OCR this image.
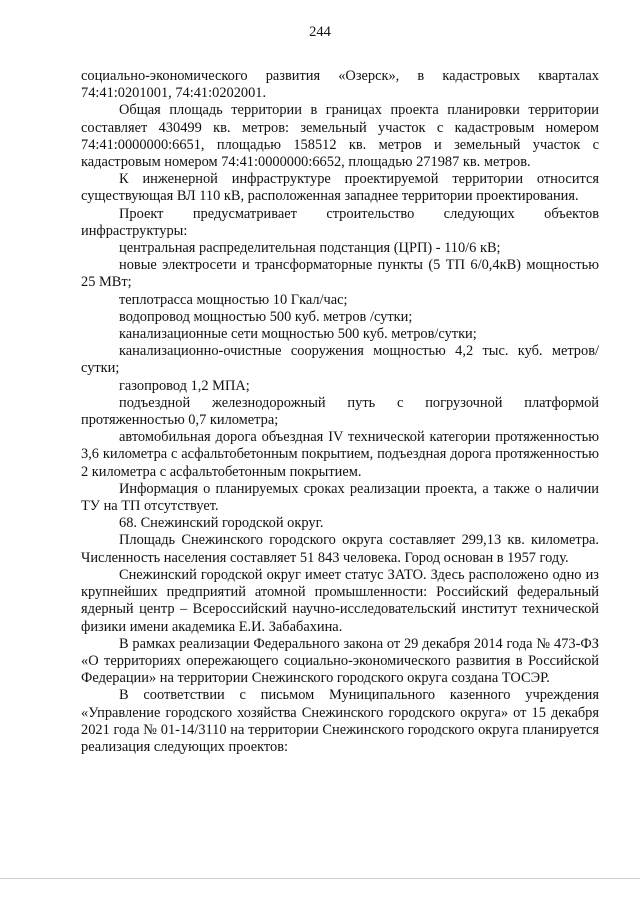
244

социально-экономического развития «Озерск», в кадастровых кварталах 74:41:0201001, 74:41:0202001.

Общая площадь территории в границах проекта планировки территории составляет 430499 кв. метров: земельный участок с кадастровым номером 74:41:0000000:6651, площадью 158512 кв. метров и земельный участок с кадастровым номером 74:41:0000000:6652, площадью 271987 кв. метров.

К инженерной инфраструктуре проектируемой территории относится существующая ВЛ 110 кВ, расположенная западнее территории проектирования.

Проект предусматривает строительство следующих объектов инфраструктуры:

центральная распределительная подстанция (ЦРП) - 110/6 кВ;

новые электросети и трансформаторные пункты (5 ТП 6/0,4кВ) мощностью 25 МВт;

теплотрасса мощностью 10 Гкал/час;

водопровод мощностью 500 куб. метров /сутки;

канализационные сети мощностью 500 куб. метров/сутки;

канализационно-очистные сооружения мощностью 4,2 тыс. куб. метров/сутки;

газопровод 1,2 МПА;

подъездной железнодорожный путь с погрузочной платформой протяженностью 0,7 километра;

автомобильная дорога объездная IV технической категории протяженностью 3,6 километра с асфальтобетонным покрытием, подъездная дорога протяженностью 2 километра с асфальтобетонным покрытием.

Информация о планируемых сроках реализации проекта, а также о наличии ТУ на ТП отсутствует.

68. Снежинский городской округ.

Площадь Снежинского городского округа составляет 299,13 кв. километра. Численность населения составляет 51 843 человека. Город основан в 1957 году.

Снежинский городской округ имеет статус ЗАТО. Здесь расположено одно из крупнейших предприятий атомной промышленности: Российский федеральный ядерный центр – Всероссийский научно-исследовательский институт технической физики имени академика Е.И. Забабахина.

В рамках реализации Федерального закона от 29 декабря 2014 года № 473-ФЗ «О территориях опережающего социально-экономического развития в Российской Федерации» на территории Снежинского городского округа создана ТОСЭР.

В соответствии с письмом Муниципального казенного учреждения «Управление городского хозяйства Снежинского городского округа» от 15 декабря 2021 года № 01-14/3110 на территории Снежинского городского округа планируется реализация следующих проектов:
